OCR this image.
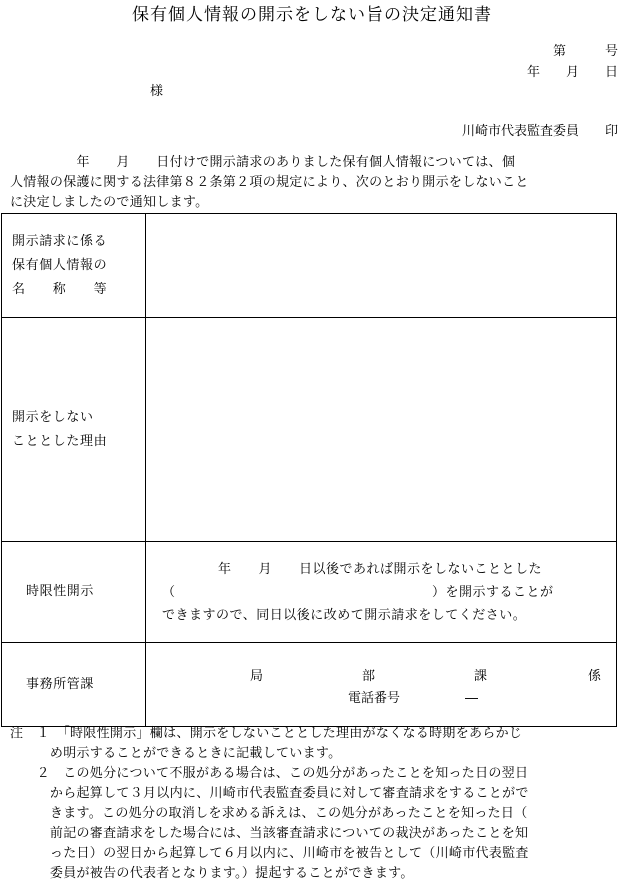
保有個人情報の開示をしない旨の決定通知書
第　　　号
年　　月　　日
様
川崎市代表監査委員　　印

　　　　　年　　月　　日付けで開示請求のありました保有個人情報については、個

人情報の保護に関する法律第８２条第２項の規定により、次のとおり開示をしないこと

に決定しましたので通知します。

開示請求に係る
保有個人情報の
名　　称　　等	

開示をしない
こととした理由	

時限性開示	年　　月　　日以後であれば開示をしないこととした
（　　　　　　　　　　　　　　　　　　　）を開示することが
できますので、同日以後に改めて開示請求をしてください。

事務所管課	局 部 課 係
電話番号　　　　　―
注　１　「時限性開示」欄は、開示をしないこととした理由がなくなる時期をあらかじ
　　　め明示することができるときに記載しています。
　　２　この処分について不服がある場合は、この処分があったことを知った日の翌日
　　　から起算して３月以内に、川崎市代表監査委員に対して審査請求をすることがで
　　　きます。この処分の取消しを求める訴えは、この処分があったことを知った日（
　　　前記の審査請求をした場合には、当該審査請求についての裁決があったことを知
　　　った日）の翌日から起算して６月以内に、川崎市を被告として（川崎市代表監査
　　　委員が被告の代表者となります。）提起することができます。
